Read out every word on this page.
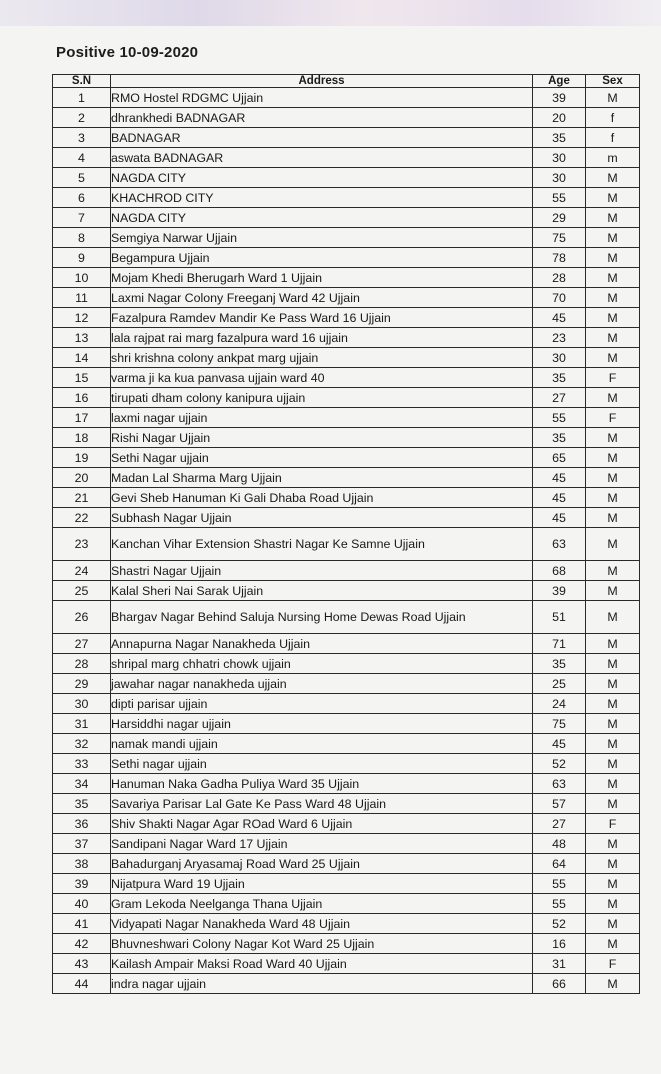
Positive 10-09-2020
S.N	Address	Age	Sex
1	RMO Hostel RDGMC Ujjain	39	M
2	dhrankhedi BADNAGAR	20	f
3	BADNAGAR	35	f
4	aswata BADNAGAR	30	m
5	NAGDA CITY	30	M
6	KHACHROD CITY	55	M
7	NAGDA CITY	29	M
8	Semgiya Narwar Ujjain	75	M
9	Begampura Ujjain	78	M
10	Mojam Khedi Bherugarh Ward 1 Ujjain	28	M
11	Laxmi Nagar Colony Freeganj Ward 42 Ujjain	70	M
12	Fazalpura Ramdev Mandir Ke Pass Ward 16 Ujjain	45	M
13	lala rajpat rai marg fazalpura ward 16 ujjain	23	M
14	shri krishna colony ankpat marg ujjain	30	M
15	varma ji ka kua panvasa ujjain ward 40	35	F
16	tirupati dham colony kanipura ujjain	27	M
17	laxmi nagar ujjain	55	F
18	Rishi Nagar Ujjain	35	M
19	Sethi Nagar ujjain	65	M
20	Madan Lal Sharma Marg Ujjain	45	M
21	Gevi Sheb Hanuman Ki Gali Dhaba Road Ujjain	45	M
22	Subhash Nagar Ujjain	45	M
23	Kanchan Vihar Extension Shastri Nagar Ke Samne Ujjain	63	M
24	Shastri Nagar Ujjain	68	M
25	Kalal Sheri Nai Sarak Ujjain	39	M
26	Bhargav Nagar Behind Saluja Nursing Home Dewas Road Ujjain	51	M
27	Annapurna Nagar Nanakheda Ujjain	71	M
28	shripal marg chhatri chowk ujjain	35	M
29	jawahar nagar nanakheda ujjain	25	M
30	dipti parisar ujjain	24	M
31	Harsiddhi nagar ujjain	75	M
32	namak mandi ujjain	45	M
33	Sethi nagar ujjain	52	M
34	Hanuman Naka Gadha Puliya Ward 35 Ujjain	63	M
35	Savariya Parisar Lal Gate Ke Pass Ward 48 Ujjain	57	M
36	Shiv Shakti Nagar Agar ROad Ward 6 Ujjain	27	F
37	Sandipani Nagar Ward 17 Ujjain	48	M
38	Bahadurganj Aryasamaj Road Ward 25 Ujjain	64	M
39	Nijatpura Ward 19 Ujjain	55	M
40	Gram Lekoda Neelganga Thana Ujjain	55	M
41	Vidyapati Nagar Nanakheda Ward 48 Ujjain	52	M
42	Bhuvneshwari Colony Nagar Kot Ward 25 Ujjain	16	M
43	Kailash Ampair Maksi Road Ward 40 Ujjain	31	F
44	indra nagar ujjain	66	M
